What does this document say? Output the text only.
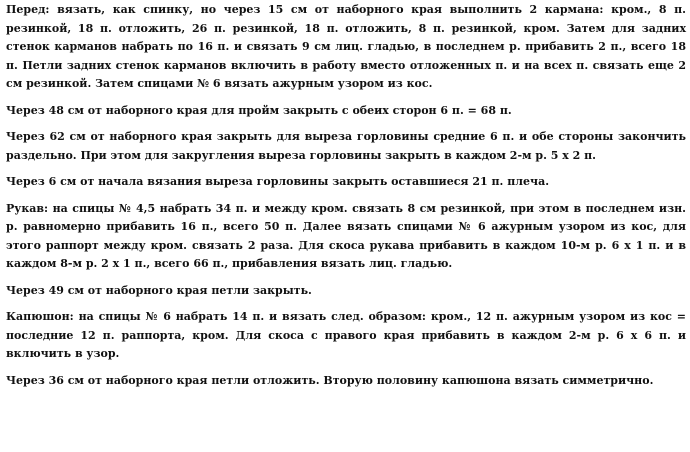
Перед: вязать, как спинку, но через 15 см от наборного края выполнить 2 кармана: кром., 8 п. резинкой, 18 п. отложить, 26 п. резинкой, 18 п. отложить, 8 п. резинкой, кром. Затем для задних стенок карманов набрать по 16 п. и связать 9 см лиц. гладью, в последнем р. прибавить 2 п., всего 18 п. Петли задних стенок карманов включить в работу вместо отложенных п. и на всех п. связать еще 2 см резинкой. Затем спицами № 6 вязать ажурным узором из кос.

Через 48 см от наборного края для пройм закрыть с обеих сторон 6 п. = 68 п.

Через 62 см от наборного края закрыть для выреза горловины средние 6 п. и обе стороны закончить раздельно. При этом для закругления выреза горловины закрыть в каждом 2-м р. 5 х 2 п.

Через 6 см от начала вязания выреза горловины закрыть оставшиеся 21 п. плеча.

Рукав: на спицы № 4,5 набрать 34 п. и между кром. связать 8 см резинкой, при этом в последнем изн. р. равномерно прибавить 16 п., всего 50 п. Далее вязать спицами № 6 ажурным узором из кос, для этого раппорт между кром. связать 2 раза. Для скоса рукава прибавить в каждом 10-м р. 6 х 1 п. и в каждом 8-м р. 2 х 1 п., всего 66 п., прибавления вязать лиц. гладью.

Через 49 см от наборного края петли закрыть.

Капюшон: на спицы № 6 набрать 14 п. и вязать след. образом: кром., 12 п. ажурным узором из кос = последние 12 п. раппорта, кром. Для скоса с правого края прибавить в каждом 2-м р. 6 х 6 п. и включить в узор.

Через 36 см от наборного края петли отложить. Вторую половину капюшона вязать симметрично.
